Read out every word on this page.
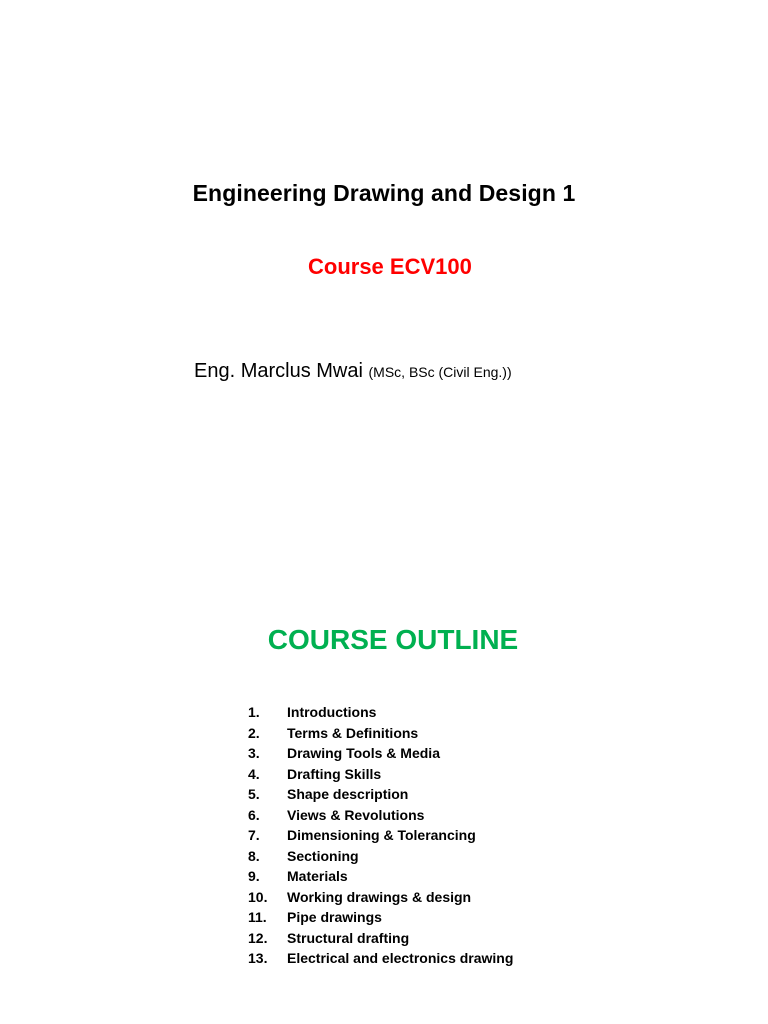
Engineering Drawing and Design 1

Course ECV100

Eng. Marclus Mwai (MSc, BSc (Civil Eng.))

COURSE OUTLINE
1. Introductions
2. Terms & Definitions
3. Drawing Tools & Media
4. Drafting Skills
5. Shape description
6. Views & Revolutions
7. Dimensioning & Tolerancing
8. Sectioning
9. Materials
10. Working drawings & design
11. Pipe drawings
12. Structural drafting
13. Electrical and electronics drawing
